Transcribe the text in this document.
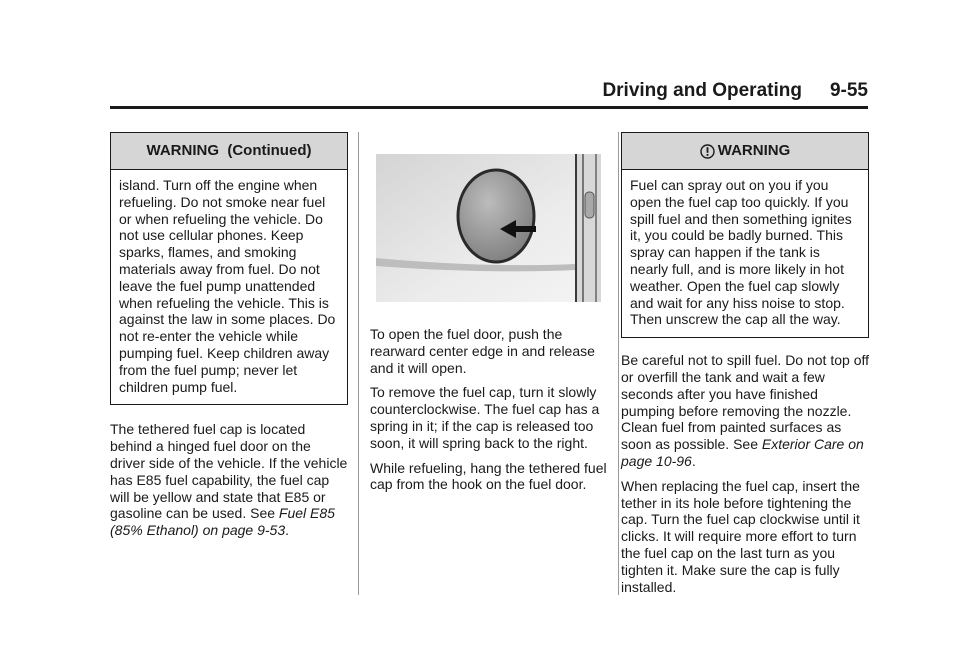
Driving and Operating 9-55
WARNING  (Continued)

island. Turn off the engine when refueling. Do not smoke near fuel or when refueling the vehicle. Do not use cellular phones. Keep sparks, flames, and smoking materials away from fuel. Do not leave the fuel pump unattended when refueling the vehicle. This is against the law in some places. Do not re-enter the vehicle while pumping fuel. Keep children away from the fuel pump; never let children pump fuel.

The tethered fuel cap is located behind a hinged fuel door on the driver side of the vehicle. If the vehicle has E85 fuel capability, the fuel cap will be yellow and state that E85 or gasoline can be used. See Fuel E85 (85% Ethanol) on page 9-53.

To open the fuel door, push the rearward center edge in and release and it will open.

To remove the fuel cap, turn it slowly counterclockwise. The fuel cap has a spring in it; if the cap is released too soon, it will spring back to the right.

While refueling, hang the tethered fuel cap from the hook on the fuel door.

WARNING

Fuel can spray out on you if you open the fuel cap too quickly. If you spill fuel and then something ignites it, you could be badly burned. This spray can happen if the tank is nearly full, and is more likely in hot weather. Open the fuel cap slowly and wait for any hiss noise to stop. Then unscrew the cap all the way.

Be careful not to spill fuel. Do not top off or overfill the tank and wait a few seconds after you have finished pumping before removing the nozzle. Clean fuel from painted surfaces as soon as possible. See Exterior Care on page 10-96.

When replacing the fuel cap, insert the tether in its hole before tightening the cap. Turn the fuel cap clockwise until it clicks. It will require more effort to turn the fuel cap on the last turn as you tighten it. Make sure the cap is fully installed.
